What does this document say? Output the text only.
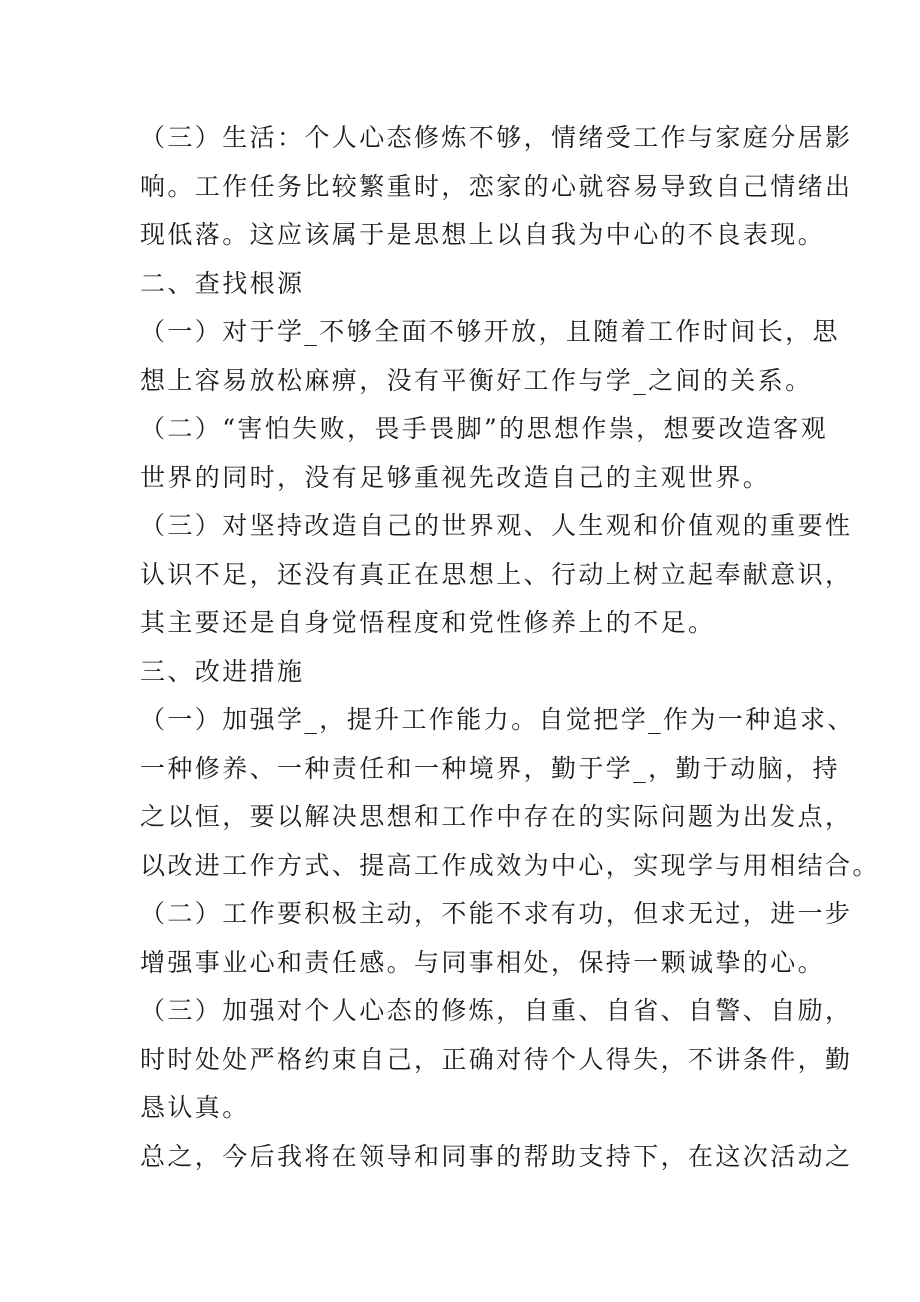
（三）生活：个人心态修炼不够，情绪受工作与家庭分居影
响。工作任务比较繁重时，恋家的心就容易导致自己情绪出
现低落。这应该属于是思想上以自我为中心的不良表现。
二、查找根源
（一）对于学_不够全面不够开放，且随着工作时间长，思
想上容易放松麻痹，没有平衡好工作与学_之间的关系。
（二）“害怕失败，畏手畏脚”的思想作祟，想要改造客观
世界的同时，没有足够重视先改造自己的主观世界。
（三）对坚持改造自己的世界观、人生观和价值观的重要性
认识不足，还没有真正在思想上、行动上树立起奉献意识，
其主要还是自身觉悟程度和党性修养上的不足。
三、改进措施
（一）加强学_，提升工作能力。自觉把学_作为一种追求、
一种修养、一种责任和一种境界，勤于学_，勤于动脑，持
之以恒，要以解决思想和工作中存在的实际问题为出发点，
以改进工作方式、提高工作成效为中心，实现学与用相结合。
（二）工作要积极主动，不能不求有功，但求无过，进一步
增强事业心和责任感。与同事相处，保持一颗诚挚的心。
（三）加强对个人心态的修炼，自重、自省、自警、自励，
时时处处严格约束自己，正确对待个人得失，不讲条件，勤
恳认真。
总之，今后我将在领导和同事的帮助支持下，在这次活动之
